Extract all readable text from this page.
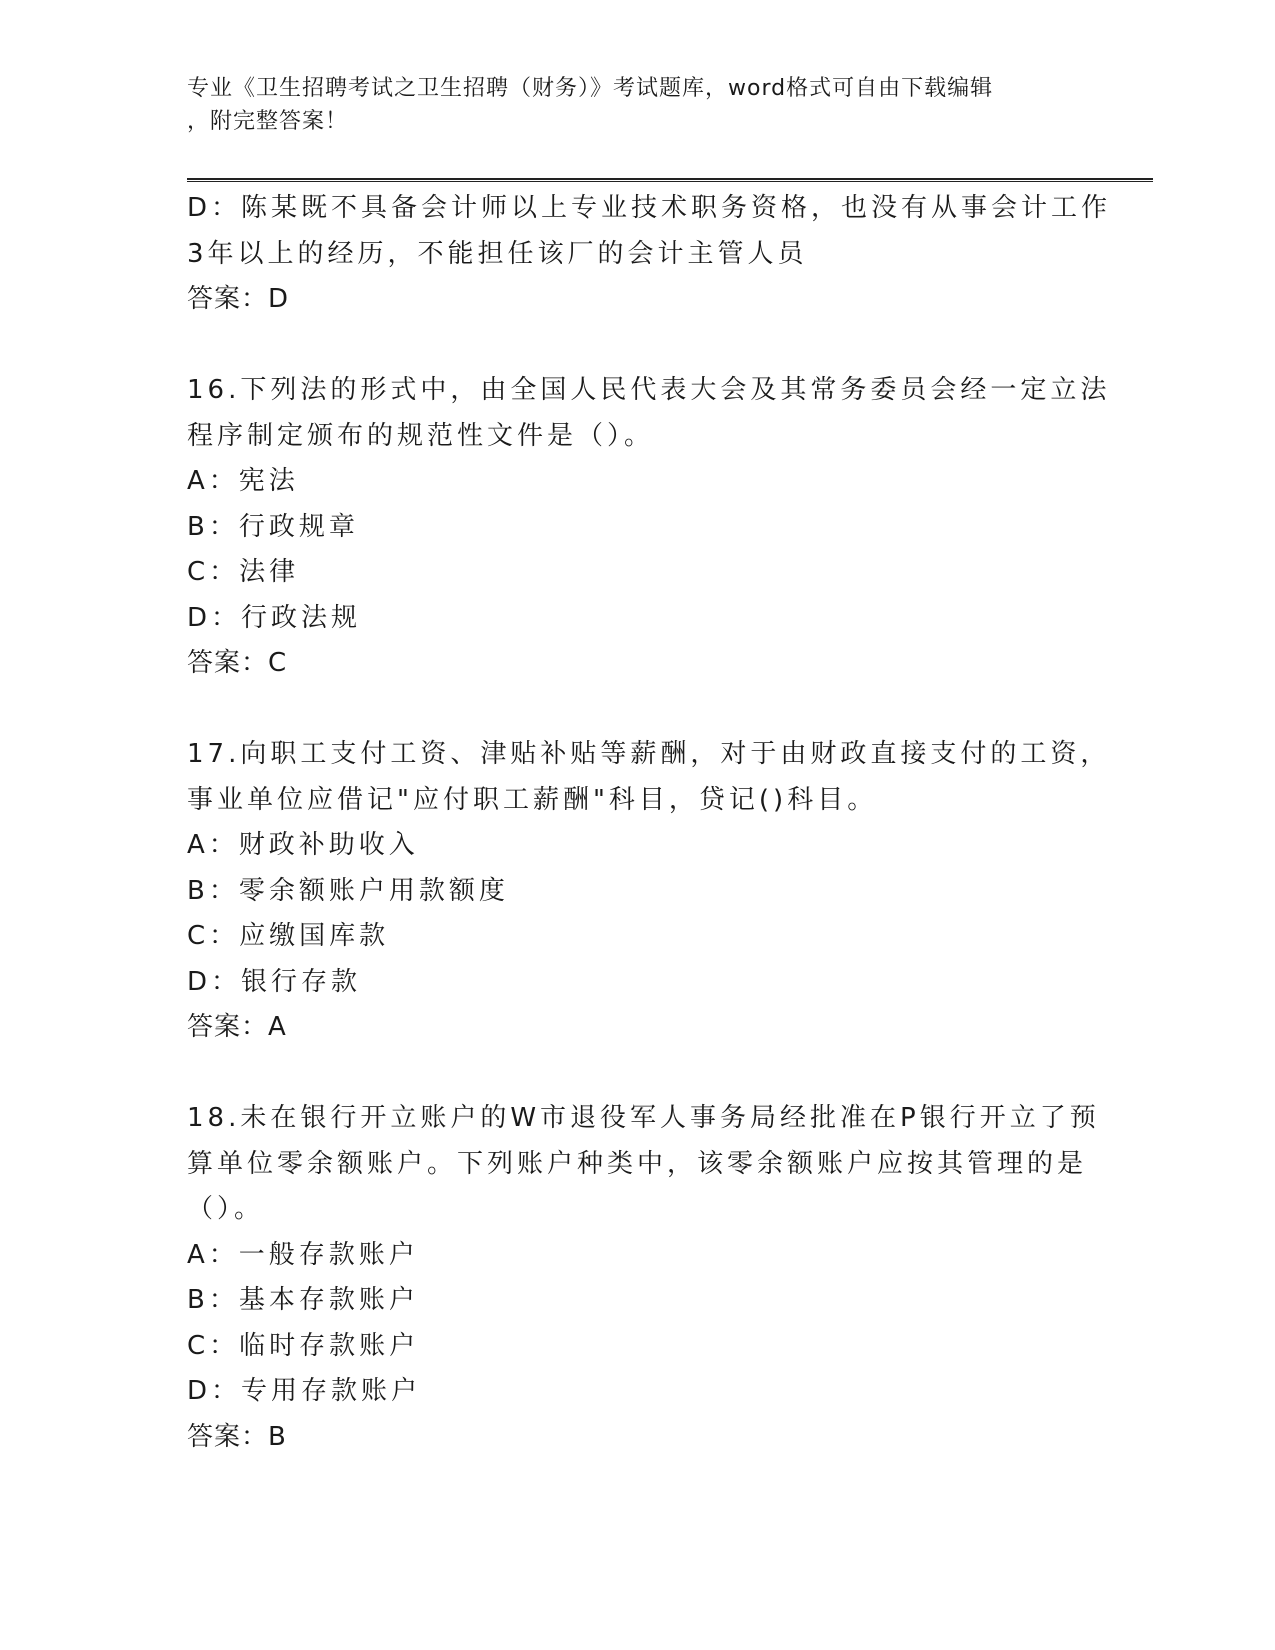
专业《卫生招聘考试之卫生招聘（财务）》考试题库，word格式可自由下载编辑
，附完整答案！
D：陈某既不具备会计师以上专业技术职务资格，也没有从事会计工作
3年以上的经历，不能担任该厂的会计主管人员
答案：D
16.下列法的形式中，由全国人民代表大会及其常务委员会经一定立法
程序制定颁布的规范性文件是（）。
A：宪法
B：行政规章
C：法律
D：行政法规
答案：C
17.向职工支付工资、津贴补贴等薪酬，对于由财政直接支付的工资，
事业单位应借记"应付职工薪酬"科目，贷记()科目。
A：财政补助收入
B：零余额账户用款额度
C：应缴国库款
D：银行存款
答案：A
18.未在银行开立账户的W市退役军人事务局经批准在P银行开立了预
算单位零余额账户。下列账户种类中，该零余额账户应按其管理的是
（）。
A：一般存款账户
B：基本存款账户
C：临时存款账户
D：专用存款账户
答案：B
